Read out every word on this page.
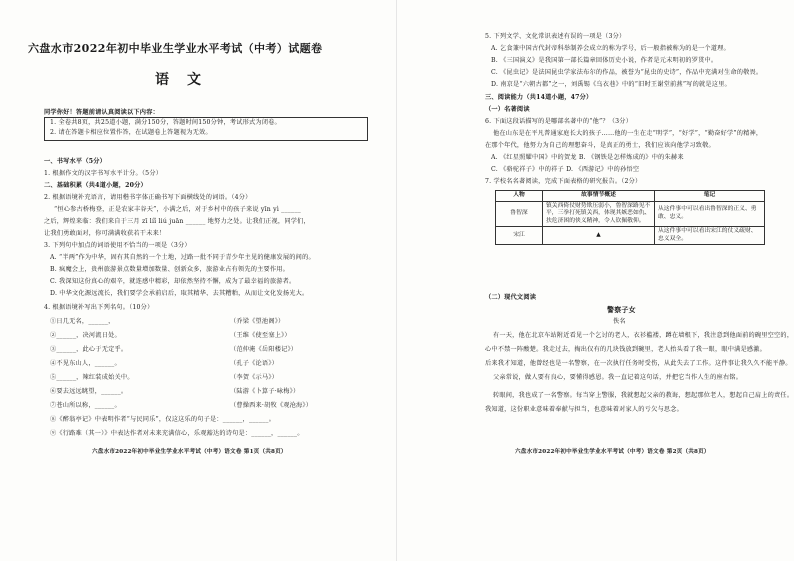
六盘水市2022年初中毕业生学业水平考试（中考）试题卷
语文
同学你好！答题前请认真阅读以下内容：
1. 全卷共8页，共25道小题，满分150分，答题时间150分钟，考试形式为闭卷。
2. 请在答题卡相应位置作答，在试题卷上答题视为无效。
一、书写水平（5分）
1. 根据作文的汉字书写水平计分。（5分）
二、基础积累（共4道小题，20分）
2. 根据语境补充语言，请用楷书字体正确书写下面横线处的词语。（4分）
“恒心参古桥梅登，正是农家丰谷天”，小满之后，对于乡村中的孩子来说 yīn yì ______
之后，辉煌来临：我们来自于三月 zī líǐ liú juān ______ 地努力之处。让我们正视，同学们，
让我们勇敢面对，你可满满收获若干未来！
3. 下列句中加点的词语使用不恰当的一项是（3分）
A. “半两”作为中华，固有其自然的一个土地，过路一批不同于青少年主见的健康发展的间的。
B. 疯魔会上，贵州旅游景点数量增加数量、创新众多，旅游业占有领先的主要作用。
C. 我深知这份真心的艰辛，就连感中精彩，却依然坚持不懈，成为了最幸福的旅游者。
D. 中华文化源远流长，我们要学会承前启后，取其精华、去其糟粕，从而让文化发扬光大。
4. 根据语境补写出下列名句。（10分）
①日几无名，______，	（乔梁《望池阁》）
②______，决河流日处。	（王维《使至塞上》）
③______，此心于无定乎。	（范仲淹《岳阳楼记》）
④不见东山人，______。	（孔子《论语》）
⑤______，辣红装成始关中。	（李贺《示马》）
⑥要去远远眺望，______。	（陆游《卜算子·咏梅》）
⑦苍山所以称，______。	（曹操西来·胡牧《观沧海》）
⑧《醉翁亭记》中表明作者“与民同乐”，仅这这乐的句子是：______，______。
⑨《行路难（其一）》中表达作者对未来充满信心，乐观豁达的诗句是：______，______。
六盘水市2022年初中毕业生学业水平考试（中考）语文卷 第1页（共8页）
5. 下列文学、文化常识表述有误的一项是（3分）
A. 乞食兼中国古代封帝科举制养会成立的称为学号，后一般指被称为的是一个道理。
B. 《三国演义》是我国第一部长篇章回体历史小说，作者是元末明初的罗贯中。
C. 《昆虫记》是法国昆虫学家法布尔的作品，被誉为“昆虫的史诗”，作品中充满对生命的敬畏。
D. 南京是“六朝古都”之一，刘禹锡《乌衣巷》中的“旧时王谢堂前燕”写的就是这里。
三、阅读能力（共14道小题，47分）
（一）名著阅读
6. 下面这段话描写的是哪部名著中的“他”？（3分）
他在山东是在平凡普通家庭长大的孩子……他的一生在走“明学”，“好学”，“勤奋好学”的精神，
在那个年代，他努力为自己的理想奋斗，是真正的勇士，我们应该向他学习致敬。
A. 《红星照耀中国》中的贺龙 B. 《钢铁是怎样炼成的》中的朱赫来
C. 《骆驼祥子》中的祥子 D. 《西游记》中的孙悟空
7. 学校名名著阅读，完成下面表格的研究报告。（2分）
人物	故事情节概述	笔记
鲁智深	镇关西倚仗财势欺压弱小，鲁智深路见不平，三拳打死镇关西，体现其嫉恶如仇、扶危济困的侠义精神，令人钦佩敬仰。	从这件事中可以看出鲁智深的正义、勇敢、忠义。
宋江	▲	从这件事中可以看出宋江的仗义疏财、忠义双全。
（二）现代文阅读
警察子女
佚名
有一天，他在北京车站附近看见一个乞讨的老人，衣衫褴褛，蹲在墙根下，我注意到他面前的碗里空空的，
心中不禁一阵酸楚。我走过去，掏出仅有的几块钱放到碗里，老人抬头看了我一眼，眼中满是感激。
后来我才知道，他曾经也是一名警察，在一次执行任务时受伤，从此失去了工作。这件事让我久久不能平静。
父亲常说，做人要有良心，要懂得感恩。我一直记着这句话，并把它当作人生的座右铭。
转眼间，我也成了一名警察。每当穿上警服，我就想起父亲的教诲，想起那位老人，想起自己肩上的责任。
我知道，这份职业意味着奉献与担当，也意味着对家人的亏欠与思念。
六盘水市2022年初中毕业生学业水平考试（中考）语文卷 第2页（共8页）
